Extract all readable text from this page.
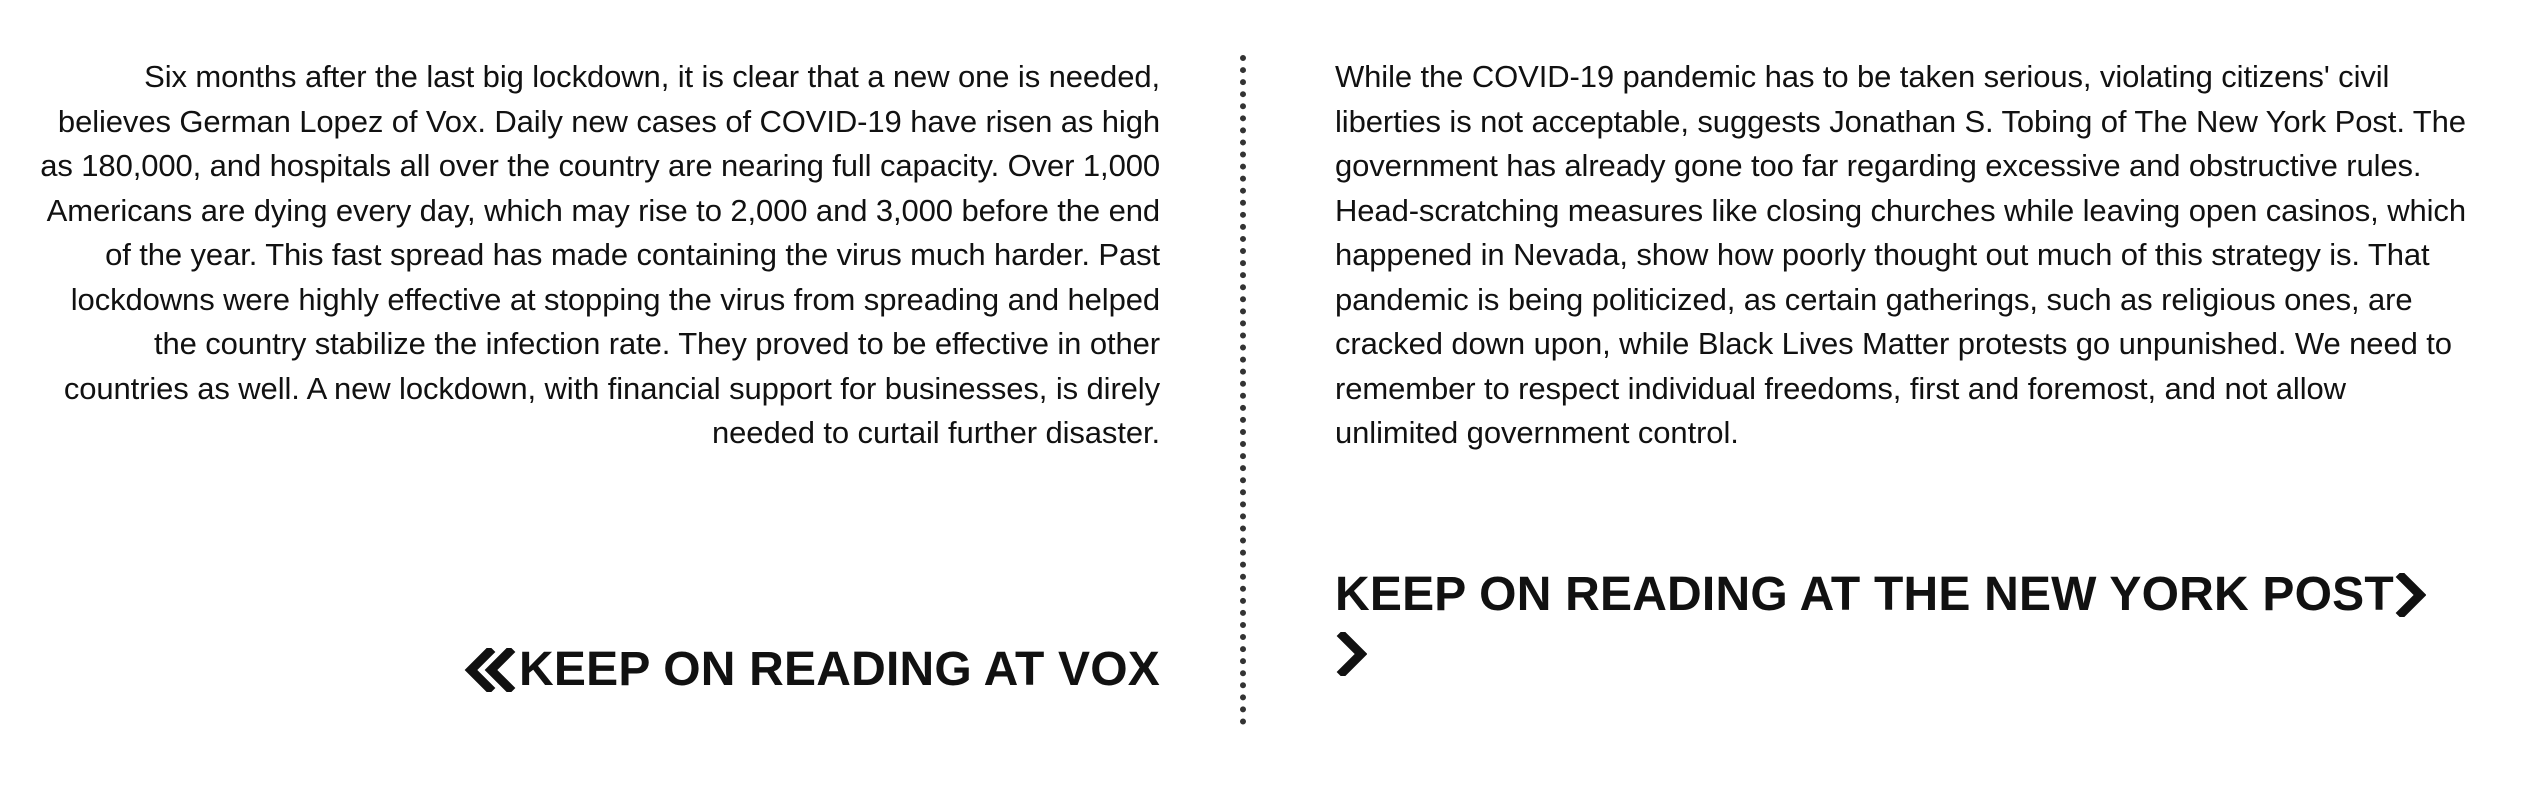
Six months after the last big lockdown, it is clear that a new one is needed, believes German Lopez of Vox. Daily new cases of COVID-19 have risen as high as 180,000, and hospitals all over the country are nearing full capacity. Over 1,000 Americans are dying every day, which may rise to 2,000 and 3,000 before the end of the year. This fast spread has made containing the virus much harder. Past lockdowns were highly effective at stopping the virus from spreading and helped the country stabilize the infection rate. They proved to be effective in other countries as well. A new lockdown, with financial support for businesses, is direly needed to curtail further disaster.

KEEP ON READING AT VOX

While the COVID-19 pandemic has to be taken serious, violating citizens' civil liberties is not acceptable, suggests Jonathan S. Tobing of The New York Post. The government has already gone too far regarding excessive and obstructive rules. Head-scratching measures like closing churches while leaving open casinos, which happened in Nevada, show how poorly thought out much of this strategy is. That pandemic is being politicized, as certain gatherings, such as religious ones, are cracked down upon, while Black Lives Matter protests go unpunished. We need to remember to respect individual freedoms, first and foremost, and not allow unlimited government control.

KEEP ON READING AT THE NEW YORK POST
